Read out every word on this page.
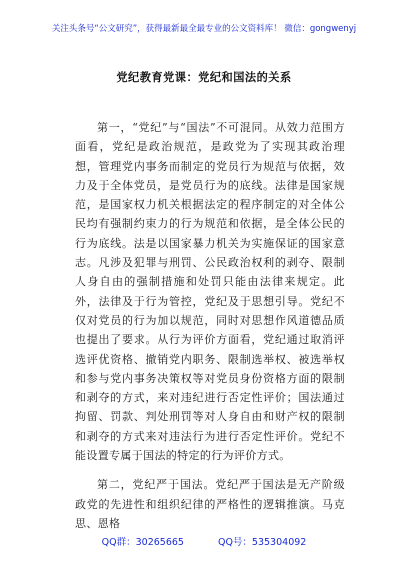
关注头条号“公文研究”，获得最新最全最专业的公文资料库！ 微信：gongwenyj
党纪教育党课：党纪和国法的关系

第一，“党纪”与“国法”不可混同。从效力范围方面看，党纪是政治规范，是政党为了实现其政治理想，管理党内事务而制定的党员行为规范与依据，效力及于全体党员，是党员行为的底线。法律是国家规范，是国家权力机关根据法定的程序制定的对全体公民均有强制约束力的行为规范和依据，是全体公民的行为底线。法是以国家暴力机关为实施保证的国家意志。凡涉及犯罪与刑罚、公民政治权利的剥夺、限制人身自由的强制措施和处罚只能由法律来规定。此外，法律及于行为管控，党纪及于思想引导。党纪不仅对党员的行为加以规范，同时对思想作风道德品质也提出了要求。从行为评价方面看，党纪通过取消评选评优资格、撤销党内职务、限制选举权、被选举权和参与党内事务决策权等对党员身份资格方面的限制和剥夺的方式，来对违纪进行否定性评价；国法通过拘留、罚款、判处刑罚等对人身自由和财产权的限制和剥夺的方式来对违法行为进行否定性评价。党纪不能设置专属于国法的特定的行为评价方式。

第二，党纪严于国法。党纪严于国法是无产阶级政党的先进性和组织纪律的严格性的逻辑推演。马克思、恩格

QQ群：30265665	QQ号：535304092
